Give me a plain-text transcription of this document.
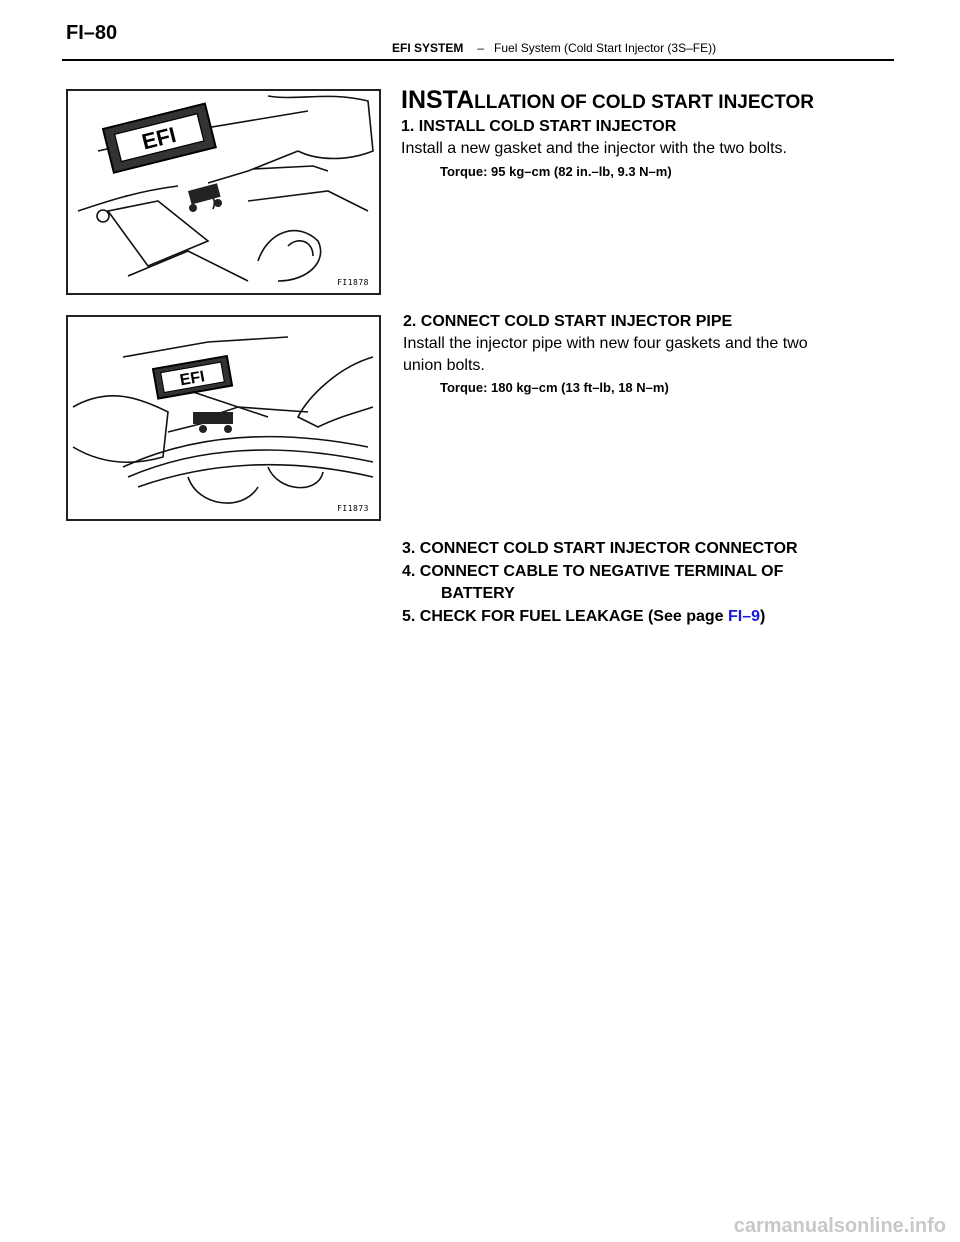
FI–80
EFI SYSTEM – Fuel System (Cold Start Injector (3S–FE))
EFI
FI1878
EFI
FI1873
INSTALLATION OF COLD START INJECTOR
1. INSTALL COLD START INJECTOR
Install a new gasket and the injector with the two bolts.
Torque: 95 kg–cm (82 in.–lb, 9.3 N–m)
2. CONNECT COLD START INJECTOR PIPE
Install the injector pipe with new four gaskets and the two
union bolts.
Torque: 180 kg–cm (13 ft–lb, 18 N–m)
3. CONNECT COLD START INJECTOR CONNECTOR
4. CONNECT CABLE TO NEGATIVE TERMINAL OF
BATTERY
5. CHECK FOR FUEL LEAKAGE (See page FI–9)
carmanualsonline.info
